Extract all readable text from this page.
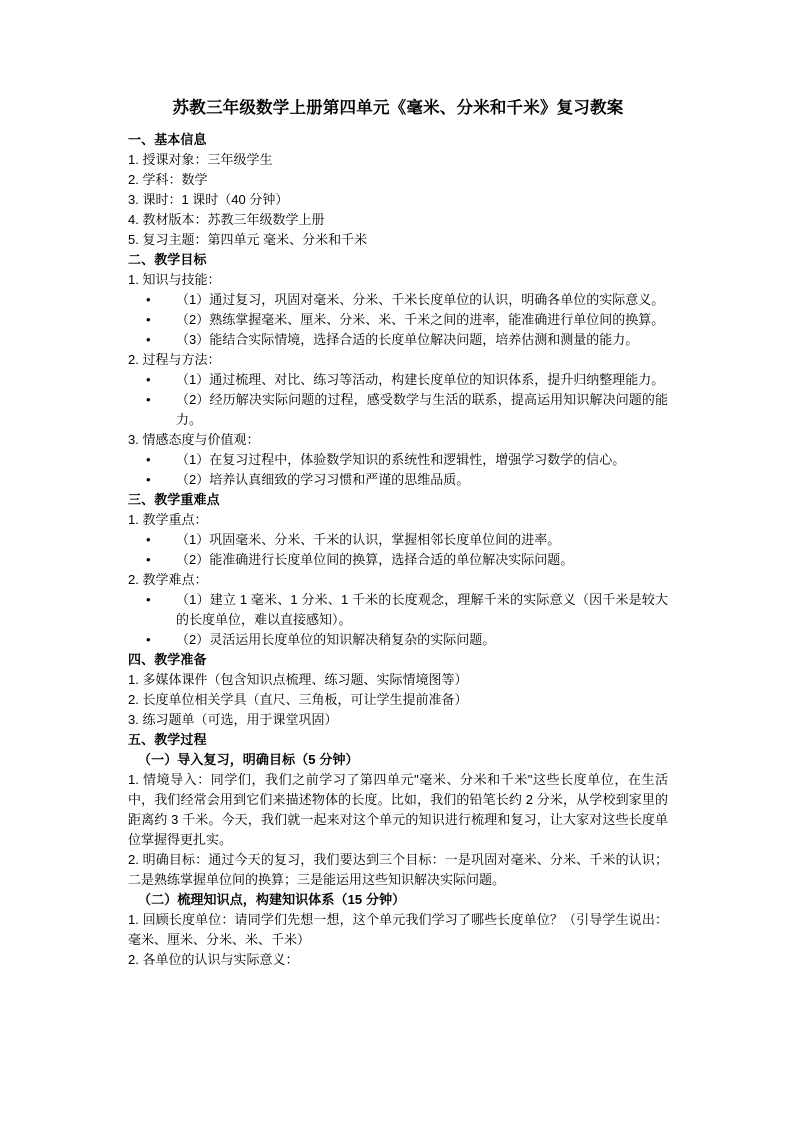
苏教三年级数学上册第四单元《毫米、分米和千米》复习教案
一、基本信息

1. 授课对象：三年级学生

2. 学科：数学

3. 课时：1 课时（40 分钟）

4. 教材版本：苏教三年级数学上册

5. 复习主题：第四单元 毫米、分米和千米

二、教学目标

1. 知识与技能：

• （1）通过复习，巩固对毫米、分米、千米长度单位的认识，明确各单位的实际意义。
• （2）熟练掌握毫米、厘米、分米、米、千米之间的进率，能准确进行单位间的换算。
• （3）能结合实际情境，选择合适的长度单位解决问题，培养估测和测量的能力。

2. 过程与方法：

• （1）通过梳理、对比、练习等活动，构建长度单位的知识体系，提升归纳整理能力。
• （2）经历解决实际问题的过程，感受数学与生活的联系，提高运用知识解决问题的能力。

3. 情感态度与价值观：

• （1）在复习过程中，体验数学知识的系统性和逻辑性，增强学习数学的信心。
• （2）培养认真细致的学习习惯和严谨的思维品质。
三、教学重难点

1. 教学重点：

• （1）巩固毫米、分米、千米的认识，掌握相邻长度单位间的进率。
• （2）能准确进行长度单位间的换算，选择合适的单位解决实际问题。

2. 教学难点：

• （1）建立 1 毫米、1 分米、1 千米的长度观念，理解千米的实际意义（因千米是较大的长度单位，难以直接感知）。
• （2）灵活运用长度单位的知识解决稍复杂的实际问题。
四、教学准备

1. 多媒体课件（包含知识点梳理、练习题、实际情境图等）

2. 长度单位相关学具（直尺、三角板，可让学生提前准备）

3. 练习题单（可选，用于课堂巩固）

五、教学过程
（一）导入复习，明确目标（5 分钟）

1. 情境导入：同学们，我们之前学习了第四单元"毫米、分米和千米"这些长度单位，在生活中，我们经常会用到它们来描述物体的长度。比如，我们的铅笔长约 2 分米，从学校到家里的距离约 3 千米。今天，我们就一起来对这个单元的知识进行梳理和复习，让大家对这些长度单位掌握得更扎实。

2. 明确目标：通过今天的复习，我们要达到三个目标：一是巩固对毫米、分米、千米的认识；二是熟练掌握单位间的换算；三是能运用这些知识解决实际问题。

（二）梳理知识点，构建知识体系（15 分钟）

1. 回顾长度单位：请同学们先想一想，这个单元我们学习了哪些长度单位？（引导学生说出：毫米、厘米、分米、米、千米）

2. 各单位的认识与实际意义：
